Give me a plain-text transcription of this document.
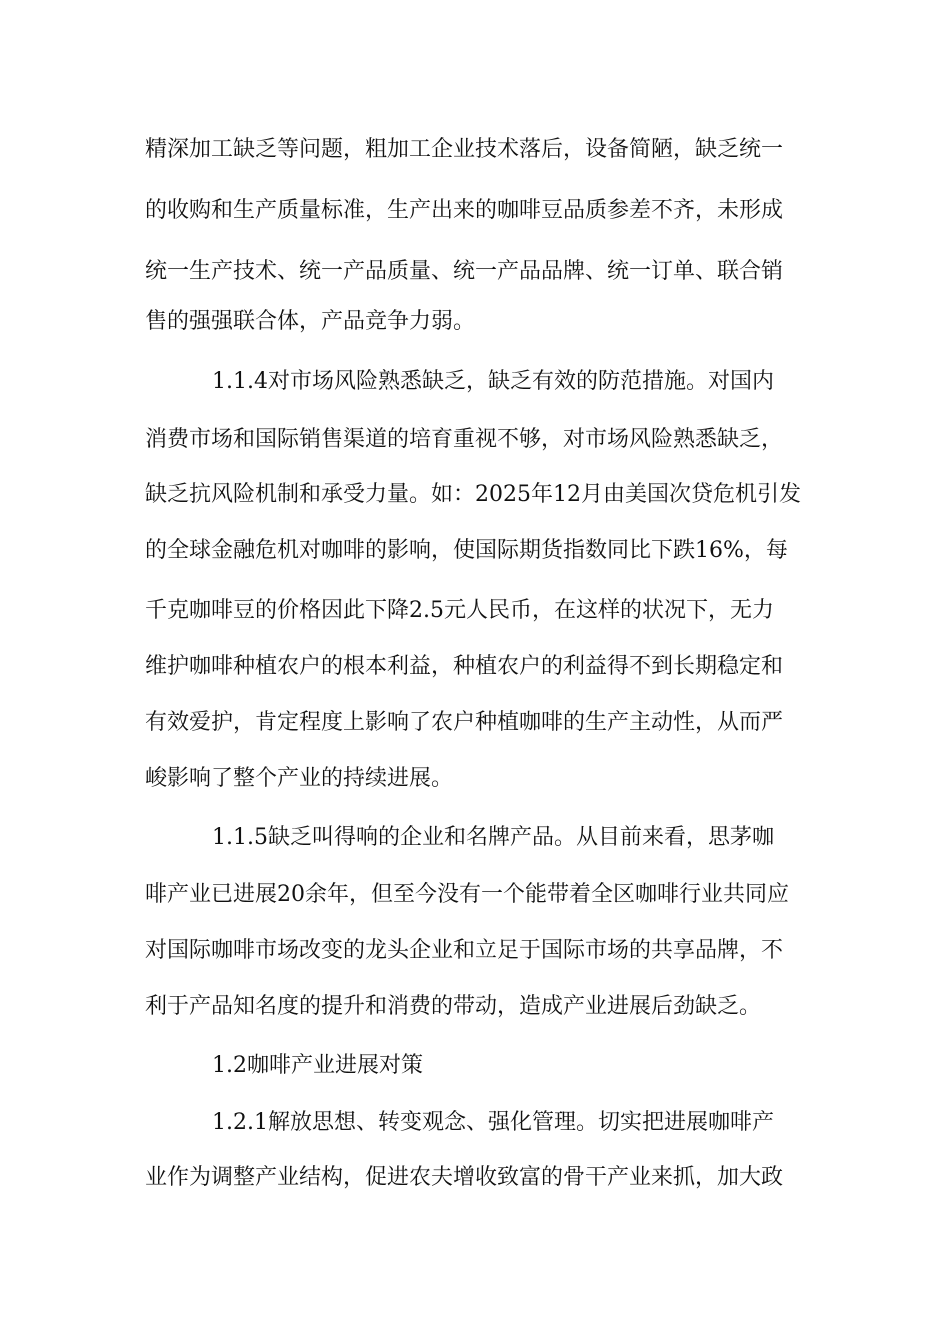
精深加工缺乏等问题，粗加工企业技术落后，设备简陋，缺乏统一

的收购和生产质量标准，生产出来的咖啡豆品质参差不齐，未形成

统一生产技术、统一产品质量、统一产品品牌、统一订单、联合销

售的强强联合体，产品竞争力弱。

1.1.4对市场风险熟悉缺乏，缺乏有效的防范措施。对国内

消费市场和国际销售渠道的培育重视不够，对市场风险熟悉缺乏，

缺乏抗风险机制和承受力量。如：2025年12月由美国次贷危机引发

的全球金融危机对咖啡的影响，使国际期货指数同比下跌16%，每

千克咖啡豆的价格因此下降2.5元人民币，在这样的状况下，无力

维护咖啡种植农户的根本利益，种植农户的利益得不到长期稳定和

有效爱护，肯定程度上影响了农户种植咖啡的生产主动性，从而严

峻影响了整个产业的持续进展。

1.1.5缺乏叫得响的企业和名牌产品。从目前来看，思茅咖

啡产业已进展20余年，但至今没有一个能带着全区咖啡行业共同应

对国际咖啡市场改变的龙头企业和立足于国际市场的共享品牌，不

利于产品知名度的提升和消费的带动，造成产业进展后劲缺乏。

1.2咖啡产业进展对策

1.2.1解放思想、转变观念、强化管理。切实把进展咖啡产

业作为调整产业结构，促进农夫增收致富的骨干产业来抓，加大政
